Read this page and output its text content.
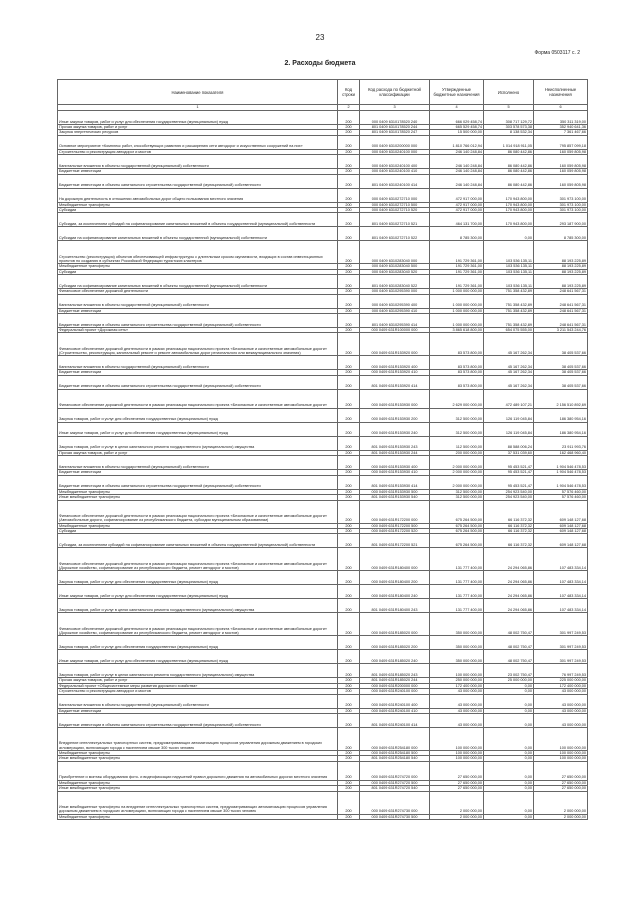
23
Форма 0503117 с. 2
2. Расходы бюджета
Наименование показателя	Код строки	Код расхода по бюджетной классификации	Утвержденные бюджетные назначения	Исполнено	Неисполненные назначения
1	2	3	4	5	6
Иные закупки товаров, работ и услуг для обеспечения государственных (муниципальных) нужд	200	000 0409 6310178520 240	666 029 458,74	308 717 129,72	350 311 319,00
Прочая закупка товаров, работ и услуг	200	801 0409 6310178520 244	665 529 458,74	303 578 573,38	352 940 641,36
Закупка энергетических ресурсов	200	801 0409 6310178520 247	15 500 000,00	8 138 532,34	7 361 467,66
Основное мероприятие «Комплекс работ, способствующих развитию и расширению сети автодорог и искусственных сооружений на них»	200	000 0409 6310200000 000	1 810 766 012,94	1 014 918 911,05	795 857 099,18
Строительство и реконструкция автодорог и мостов	200	000 0409 6310240100 000	246 140 248,84	86 080 442,86	160 059 805,98
Капитальные вложения в объекты государственной (муниципальной) собственности	200	000 0409 6310240100 400	246 140 248,84	86 080 442,86	160 059 805,98
Бюджетные инвестиции	200	000 0409 6310240100 410	246 140 248,84	86 080 442,86	160 059 805,98
Бюджетные инвестиции в объекты капитального строительства государственной (муниципальной) собственности	200	801 0409 6310240100 414	246 140 248,84	86 080 442,86	160 059 805,98
На дорожную деятельность в отношении автомобильных дорог общего пользования местного значения	200	000 0409 6310272710 000	472 917 000,00	170 943 800,00	301 973 100,00
Межбюджетные трансферты	200	000 0409 6310272710 500	472 917 000,00	170 943 800,00	301 973 100,00
Субсидии	200	000 0409 6310272710 520	472 917 000,00	170 943 800,00	301 973 100,00
Субсидии, за исключением субсидий на софинансирование капитальных вложений в объекты государственной (муниципальной) собственности	200	801 0409 6310272710 521	464 131 700,00	170 943 800,00	293 187 900,00
Субсидии на софинансирование капитальных вложений в объекты государственной (муниципальной) собственности	200	801 0409 6310272710 522	8 785 300,00	0,00	8 785 300,00
Строительство (реконструкция) объектов обеспечивающей инфраструктуры с длительным сроком окупаемости, входящих в состав инвестиционных проектов по созданию в субъектах Российской Федерации туристских кластеров	200	000 0409 6310283040 000	191 729 361,00	103 536 135,11	88 193 225,89
Межбюджетные трансферты	200	000 0409 6310283040 500	191 729 361,00	103 536 135,11	88 193 225,89
Субсидии	200	000 0409 6310283040 520	191 729 361,00	103 536 135,11	88 193 225,89
Субсидии на софинансирование капитальных вложений в объекты государственной (муниципальной) собственности	200	801 0409 6310283040 522	191 729 361,00	103 536 135,11	88 193 225,89
Финансовое обеспечение дорожной деятельности	200	000 0409 6310295390 000	1 000 000 000,00	751 358 432,89	248 641 567,31
Капитальные вложения в объекты государственной (муниципальной) собственности	200	000 0409 6310295390 400	1 000 000 000,00	751 358 432,89	248 641 567,31
Бюджетные инвестиции	200	000 0409 6310295390 410	1 000 000 000,00	751 358 432,89	248 641 567,31
Бюджетные инвестиции в объекты капитального строительства государственной (муниципальной) собственности	200	801 0409 6310295390 414	1 000 000 000,00	751 358 432,89	248 641 567,31
Федеральный проект «Дорожная сеть»	200	000 0409 631R100000 000	3 865 618 800,00	654 075 555,00	3 211 543 244,76
Финансовое обеспечение дорожной деятельности в рамках реализации национального проекта «Безопасные и качественные автомобильные дороги» (Строительство, реконструкция, капитальный ремонт и ремонт автомобильных дорог регионального или межмуниципального значения)	200	000 0409 631R153920 000	83 573 800,00	45 167 262,34	38 405 537,66
Капитальные вложения в объекты государственной (муниципальной) собственности	200	000 0409 631R153920 400	83 573 800,00	45 167 262,34	38 405 537,66
Бюджетные инвестиции	200	000 0409 631R153920 410	83 573 800,00	45 167 262,34	38 405 537,66
Бюджетные инвестиции в объекты капитального строительства государственной (муниципальной) собственности	200	801 0409 631R153920 414	83 573 800,00	45 167 262,34	38 405 537,66
Финансовое обеспечение дорожной деятельности в рамках реализации национального проекта «Безопасные и качественные автомобильные дороги»	200	000 0409 631R153930 000	2 629 000 000,00	472 489 107,21	2 156 510 892,69
Закупка товаров, работ и услуг для обеспечения государственных (муниципальных) нужд	200	000 0409 631R153930 200	312 500 000,00	126 119 045,84	186 380 954,16
Иные закупки товаров, работ и услуг для обеспечения государственных (муниципальных) нужд	200	000 0409 631R153930 240	312 500 000,00	126 119 045,84	186 380 954,16
Закупка товаров, работ и услуг в целях капитального ремонта государственного (муниципального) имущества	200	801 0409 631R153930 243	112 500 000,00	88 588 006,24	23 911 993,76
Прочая закупка товаров, работ и услуг	200	801 0409 631R153930 244	200 000 000,00	37 531 039,60	162 468 960,40
Капитальные вложения в объекты государственной (муниципальной) собственности	200	000 0409 631R153930 400	2 000 000 000,00	95 453 521,47	1 904 546 478,53
Бюджетные инвестиции	200	000 0409 631R153930 410	2 000 000 000,00	95 453 521,47	1 904 546 478,53
Бюджетные инвестиции в объекты капитального строительства государственной (муниципальной) собственности	200	801 0409 631R153930 414	2 000 000 000,00	95 453 521,47	1 904 546 478,53
Межбюджетные трансферты	200	000 0409 631R153930 500	312 500 000,00	254 923 540,00	57 576 460,00
Иные межбюджетные трансферты	200	801 0409 631R153930 540	312 500 000,00	254 923 540,00	57 576 460,00
Финансовое обеспечение дорожной деятельности в рамках реализации национального проекта «Безопасные и качественные автомобильные дороги» (Автомобильные дороги, софинансирование из республиканского бюджета, субсидии муниципальным образованиям)	200	000 0409 631R172200 000	675 264 500,00	66 116 372,32	609 148 127,68
Межбюджетные трансферты	200	000 0409 631R172200 500	675 264 500,00	66 116 372,32	609 148 127,68
Субсидии	200	000 0409 631R172200 520	675 264 500,00	66 116 372,32	609 148 127,68
Субсидии, за исключением субсидий на софинансирование капитальных вложений в объекты государственной (муниципальной) собственности	200	801 0409 631R172200 521	675 264 500,00	66 116 372,32	609 148 127,68
Финансовое обеспечение дорожной деятельности в рамках реализации национального проекта «Безопасные и качественные автомобильные дороги» (Дорожное хозяйство, софинансирование из республиканского бюджета, ремонт автодорог и мостов)	200	000 0409 631R180400 000	131 777 400,00	24 294 065,86	107 483 334,14
Закупка товаров, работ и услуг для обеспечения государственных (муниципальных) нужд	200	000 0409 631R180400 200	131 777 400,00	24 294 065,86	107 483 334,14
Иные закупки товаров, работ и услуг для обеспечения государственных (муниципальных) нужд	200	000 0409 631R180400 240	131 777 400,00	24 294 065,86	107 483 334,14
Закупка товаров, работ и услуг в целях капитального ремонта государственного (муниципального) имущества	200	801 0409 631R180400 243	131 777 400,00	24 294 065,86	107 483 334,14
Финансовое обеспечение дорожной деятельности в рамках реализации национального проекта «Безопасные и качественные автомобильные дороги» (Дорожное хозяйство, софинансирование из республиканского бюджета, ремонт автодорог и мостов)	200	000 0409 631R185020 000	350 000 000,00	48 002 750,47	301 997 249,53
Закупка товаров, работ и услуг для обеспечения государственных (муниципальных) нужд	200	000 0409 631R185020 200	350 000 000,00	48 002 750,47	301 997 249,53
Иные закупки товаров, работ и услуг для обеспечения государственных (муниципальных) нужд	200	000 0409 631R185020 240	350 000 000,00	48 002 750,47	301 997 249,53
Закупка товаров, работ и услуг в целях капитального ремонта государственного (муниципального) имущества	200	801 0409 631R185020 243	100 000 000,00	23 002 750,47	76 997 249,53
Прочая закупка товаров, работ и услуг	200	801 0409 631R185020 244	250 000 000,00	25 000 000,00	225 000 000,00
Федеральный проект «Общесистемные меры развития дорожного хозяйства»	200	000 0409 631R200000 000	172 400 000,00	0,00	172 400 000,00
Строительство и реконструкция автодорог и мостов	200	000 0409 631R240100 000	43 000 000,00	0,00	43 000 000,00
Капитальные вложения в объекты государственной (муниципальной) собственности	200	000 0409 631R240100 400	43 000 000,00	0,00	43 000 000,00
Бюджетные инвестиции	200	000 0409 631R240100 410	43 000 000,00	0,00	43 000 000,00
Бюджетные инвестиции в объекты капитального строительства государственной (муниципальной) собственности	200	801 0409 631R240100 414	43 000 000,00	0,00	43 000 000,00
Внедрение интеллектуальных транспортных систем, предусматривающих автоматизацию процессов управления дорожным движением в городских агломерациях, включающих города с населением свыше 300 тысяч человек	200	000 0409 631R254180 000	100 000 000,00	0,00	100 000 000,00
Межбюджетные трансферты	200	000 0409 631R254180 500	100 000 000,00	0,00	100 000 000,00
Иные межбюджетные трансферты	200	801 0409 631R254180 540	100 000 000,00	0,00	100 000 000,00
Приобретение и монтаж оборудования фото- и видеофиксации нарушений правил дорожного движения на автомобильных дорогах местного значения	200	000 0409 631R274720 000	27 650 000,00	0,00	27 650 000,00
Межбюджетные трансферты	200	000 0409 631R274720 500	27 650 000,00	0,00	27 650 000,00
Иные межбюджетные трансферты	200	801 0409 631R274720 540	27 650 000,00	0,00	27 650 000,00
Иные межбюджетные трансферты на внедрение интеллектуальных транспортных систем, предусматривающих автоматизацию процессов управления дорожным движением в городских агломерациях, включающих города с населением свыше 300 тысяч человек	200	000 0409 631R274730 000	2 000 000,00	0,00	2 000 000,00
Межбюджетные трансферты	200	000 0409 631R274730 500	2 000 000,00	0,00	2 000 000,00
